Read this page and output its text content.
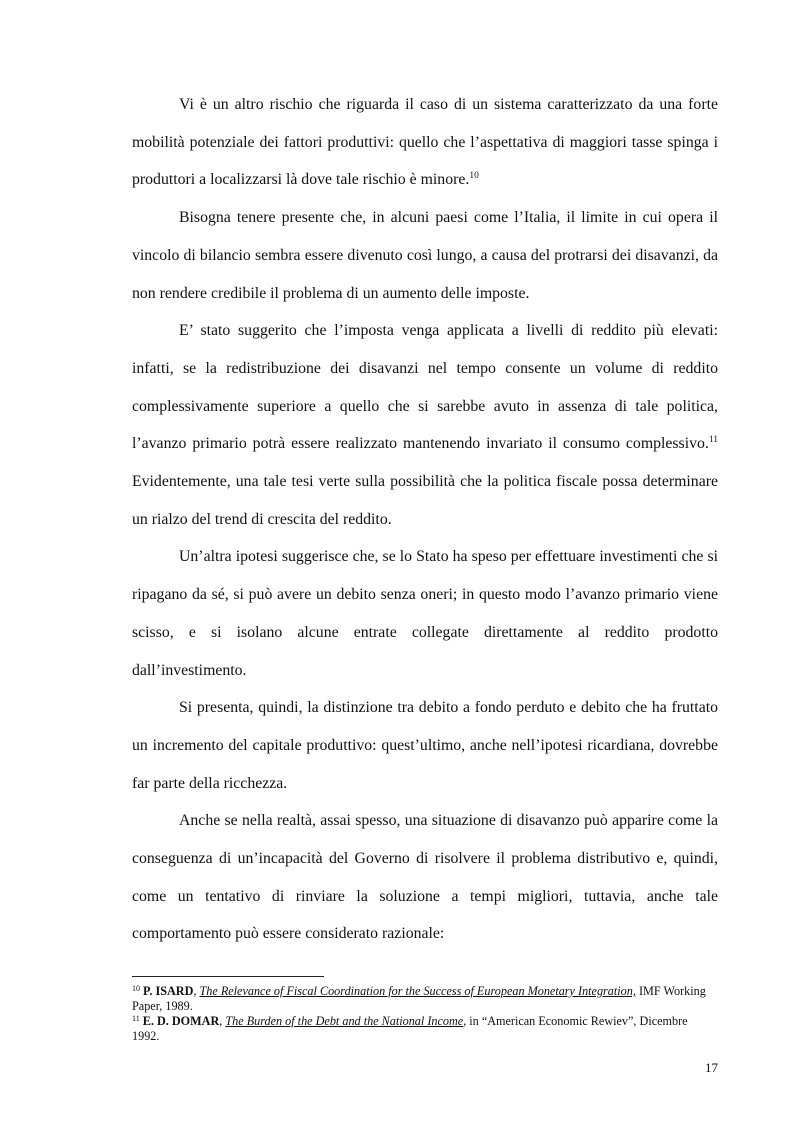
Vi è un altro rischio che riguarda il caso di un sistema caratterizzato da una forte mobilità potenziale dei fattori produttivi: quello che l’aspettativa di maggiori tasse spinga i produttori a localizzarsi là dove tale rischio è minore.$^{10}$

Bisogna tenere presente che, in alcuni paesi come l’Italia, il limite in cui opera il vincolo di bilancio sembra essere divenuto così lungo, a causa del protrarsi dei disavanzi, da non rendere credibile il problema di un aumento delle imposte.

E’ stato suggerito che l’imposta venga applicata a livelli di reddito più elevati: infatti, se la redistribuzione dei disavanzi nel tempo consente un volume di reddito complessivamente superiore a quello che si sarebbe avuto in assenza di tale politica, l’avanzo primario potrà essere realizzato mantenendo invariato il consumo complessivo.$^{11}$ Evidentemente, una tale tesi verte sulla possibilità che la politica fiscale possa determinare un rialzo del trend di crescita del reddito.

Un’altra ipotesi suggerisce che, se lo Stato ha speso per effettuare investimenti che si ripagano da sé, si può avere un debito senza oneri; in questo modo l’avanzo primario viene scisso, e si isolano alcune entrate collegate direttamente al reddito prodotto dall’investimento.

Si presenta, quindi, la distinzione tra debito a fondo perduto e debito che ha fruttato un incremento del capitale produttivo: quest’ultimo, anche nell’ipotesi ricardiana, dovrebbe far parte della ricchezza.

Anche se nella realtà, assai spesso, una situazione di disavanzo può apparire come la conseguenza di un’incapacità del Governo di risolvere il problema distributivo e, quindi, come un tentativo di rinviare la soluzione a tempi migliori, tuttavia, anche tale comportamento può essere considerato razionale:

$^{10}$ P. ISARD, The Relevance of Fiscal Coordination for the Success of European Monetary Integration, IMF Working Paper, 1989.

$^{11}$ E. D. DOMAR, The Burden of the Debt and the National Income, in “American Economic Rewiev”, Dicembre 1992.

17
